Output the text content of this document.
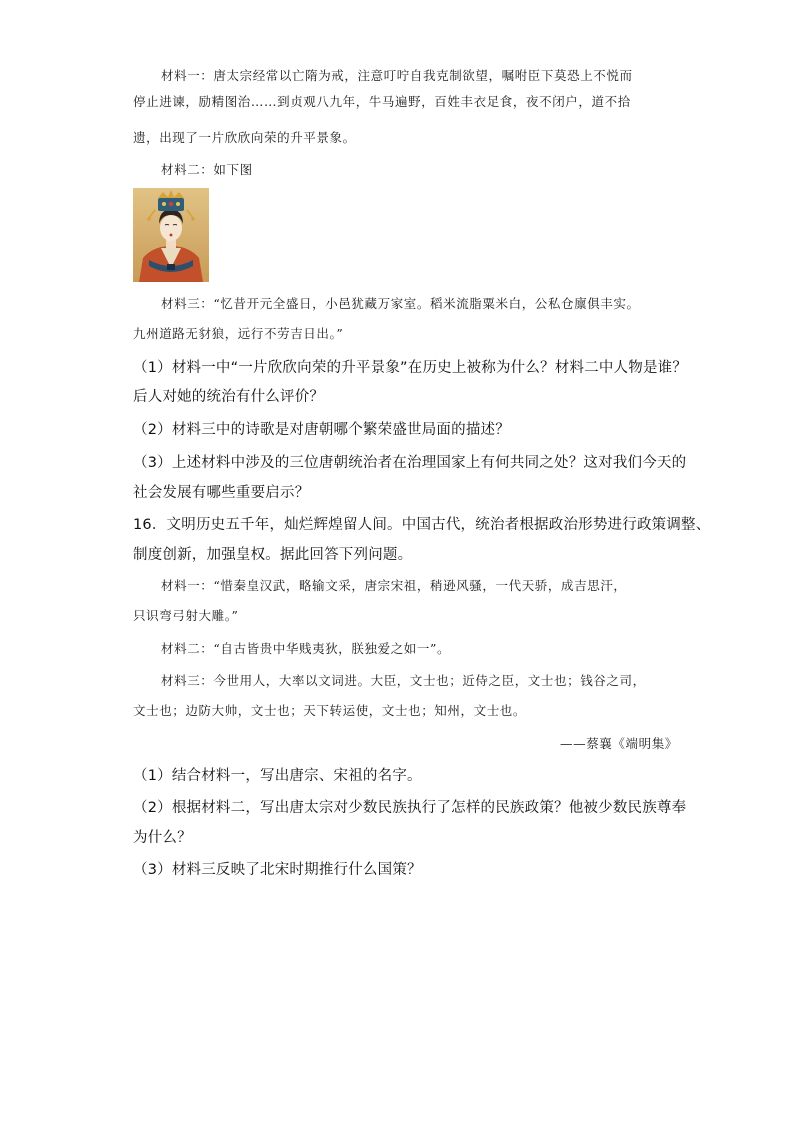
材料一：唐太宗经常以亡隋为戒，注意叮咛自我克制欲望，嘱咐臣下莫恐上不悦而
停止进谏，励精图治……到贞观八九年，牛马遍野，百姓丰衣足食，夜不闭户，道不拾
遗，出现了一片欣欣向荣的升平景象。
材料二：如下图
材料三：“忆昔开元全盛日，小邑犹藏万家室。稻米流脂粟米白，公私仓廪俱丰实。
九州道路无豺狼，远行不劳吉日出。”
（1）材料一中“一片欣欣向荣的升平景象”在历史上被称为什么？材料二中人物是谁？
后人对她的统治有什么评价？
（2）材料三中的诗歌是对唐朝哪个繁荣盛世局面的描述？
（3）上述材料中涉及的三位唐朝统治者在治理国家上有何共同之处？这对我们今天的
社会发展有哪些重要启示？
16．文明历史五千年，灿烂辉煌留人间。中国古代，统治者根据政治形势进行政策调整、
制度创新，加强皇权。据此回答下列问题。
材料一：“惜秦皇汉武，略输文采，唐宗宋祖，稍逊风骚，一代天骄，成吉思汗，
只识弯弓射大雕。”
材料二：“自古皆贵中华贱夷狄，朕独爱之如一”。
材料三：今世用人，大率以文词进。大臣，文士也；近侍之臣，文士也；钱谷之司，
文士也；边防大帅，文士也；天下转运使，文士也；知州，文士也。
——蔡襄《端明集》
（1）结合材料一，写出唐宗、宋祖的名字。
（2）根据材料二，写出唐太宗对少数民族执行了怎样的民族政策？他被少数民族尊奉
为什么？
（3）材料三反映了北宋时期推行什么国策？
